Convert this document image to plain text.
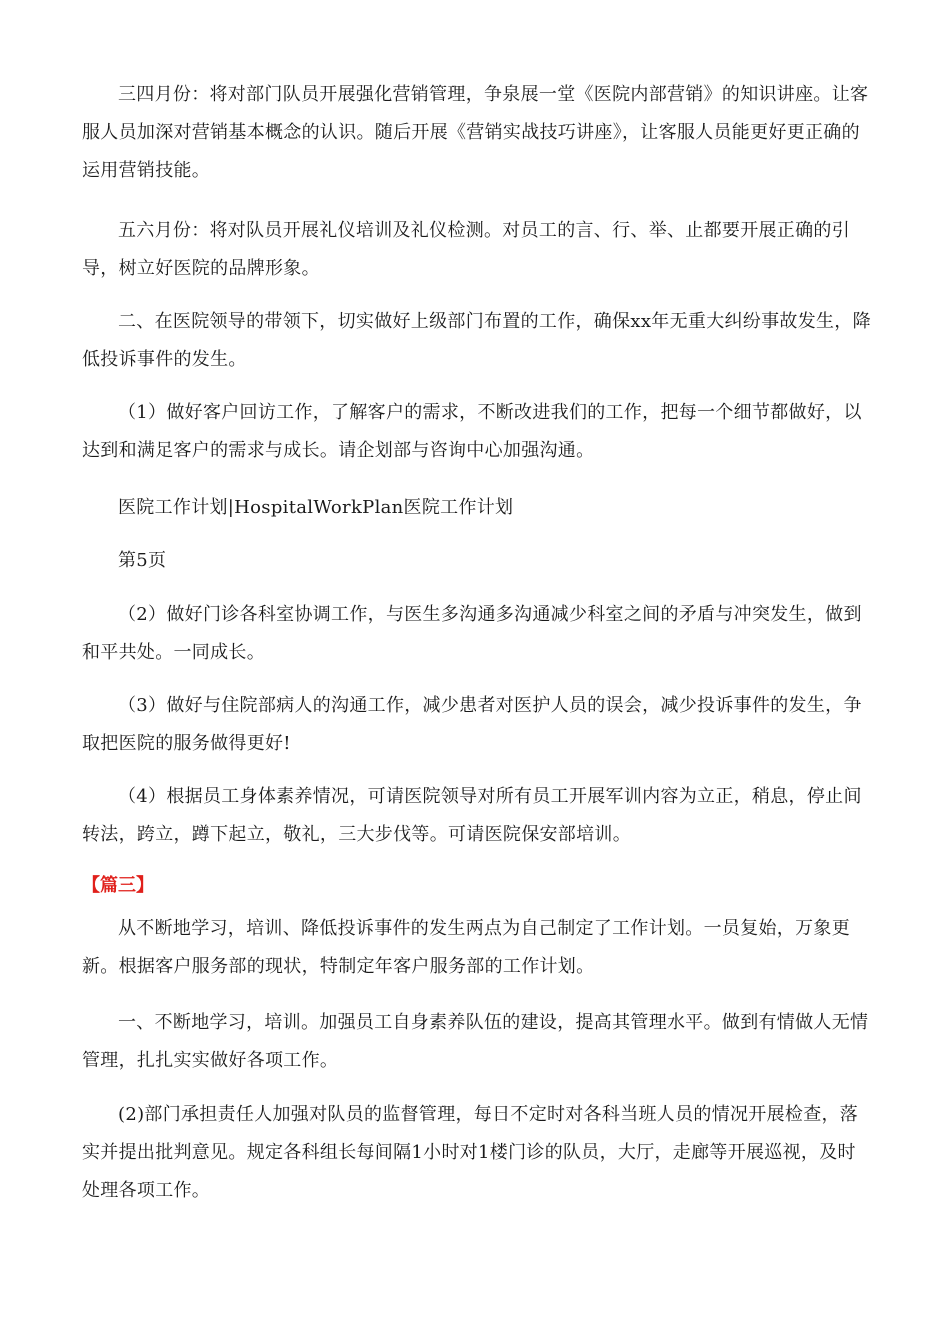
三四月份：将对部门队员开展强化营销管理，争泉展一堂《医院内部营销》的知识讲座。让客服人员加深对营销基本概念的认识。随后开展《营销实战技巧讲座》，让客服人员能更好更正确的运用营销技能。

五六月份：将对队员开展礼仪培训及礼仪检测。对员工的言、行、举、止都要开展正确的引导，树立好医院的品牌形象。

二、在医院领导的带领下，切实做好上级部门布置的工作，确保xx年无重大纠纷事故发生，降低投诉事件的发生。

（1）做好客户回访工作，了解客户的需求，不断改进我们的工作，把每一个细节都做好，以达到和满足客户的需求与成长。请企划部与咨询中心加强沟通。

医院工作计划|HospitalWorkPlan医院工作计划

第5页

（2）做好门诊各科室协调工作，与医生多沟通多沟通减少科室之间的矛盾与冲突发生，做到和平共处。一同成长。

（3）做好与住院部病人的沟通工作，减少患者对医护人员的误会，减少投诉事件的发生，争取把医院的服务做得更好!

（4）根据员工身体素养情况，可请医院领导对所有员工开展军训内容为立正，稍息，停止间转法，跨立，蹲下起立，敬礼，三大步伐等。可请医院保安部培训。

【篇三】

从不断地学习，培训、降低投诉事件的发生两点为自己制定了工作计划。一员复始，万象更新。根据客户服务部的现状，特制定年客户服务部的工作计划。

一、不断地学习，培训。加强员工自身素养队伍的建设，提高其管理水平。做到有情做人无情管理，扎扎实实做好各项工作。

(2)部门承担责任人加强对队员的监督管理，每日不定时对各科当班人员的情况开展检查，落实并提出批判意见。规定各科组长每间隔1小时对1楼门诊的队员，大厅，走廊等开展巡视，及时处理各项工作。
